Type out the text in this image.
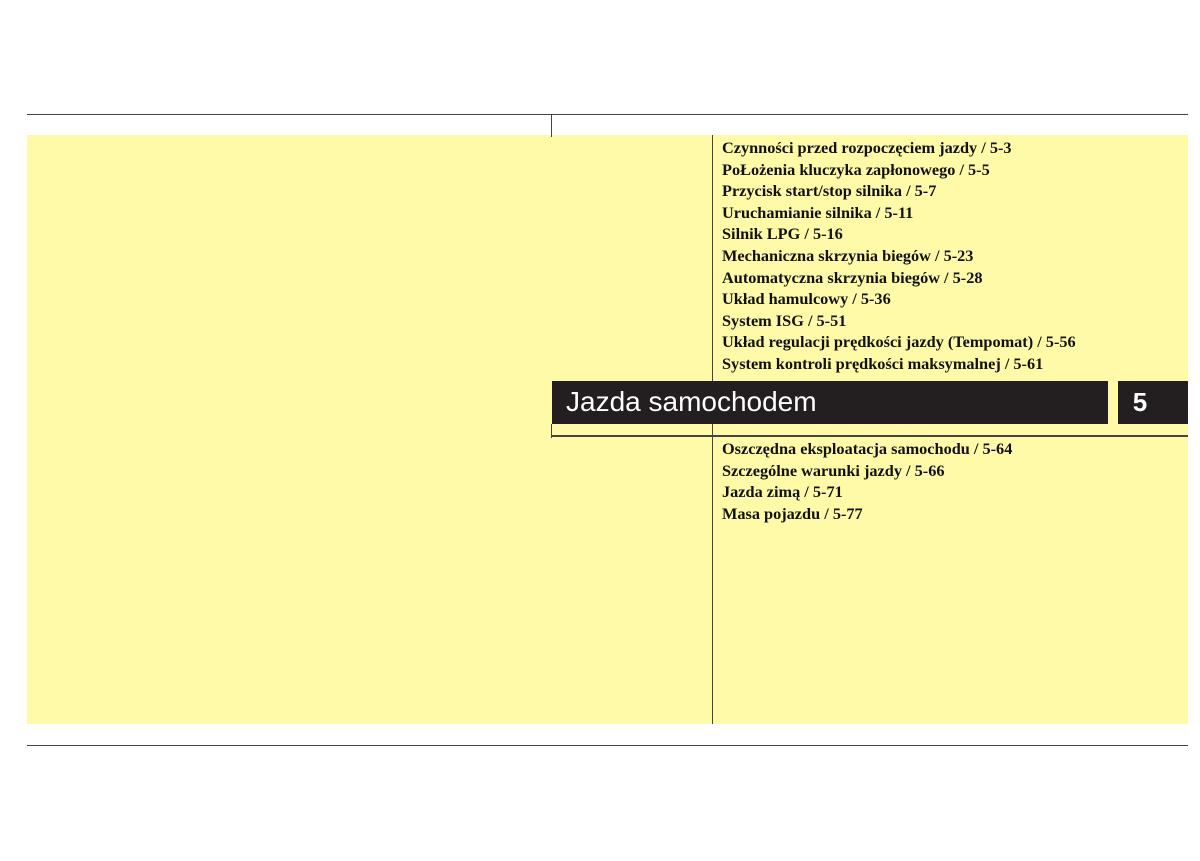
Czynności przed rozpoczęciem jazdy / 5-3
PoŁożenia kluczyka zapłonowego / 5-5
Przycisk start/stop silnika / 5-7
Uruchamianie silnika / 5-11
Silnik LPG / 5-16
Mechaniczna skrzynia biegów / 5-23
Automatyczna skrzynia biegów / 5-28
Układ hamulcowy / 5-36
System ISG / 5-51
Układ regulacji prędkości jazdy (Tempomat) / 5-56
System kontroli prędkości maksymalnej / 5-61
Jazda samochodem	5
Oszczędna eksploatacja samochodu / 5-64
Szczególne warunki jazdy / 5-66
Jazda zimą / 5-71
Masa pojazdu / 5-77
